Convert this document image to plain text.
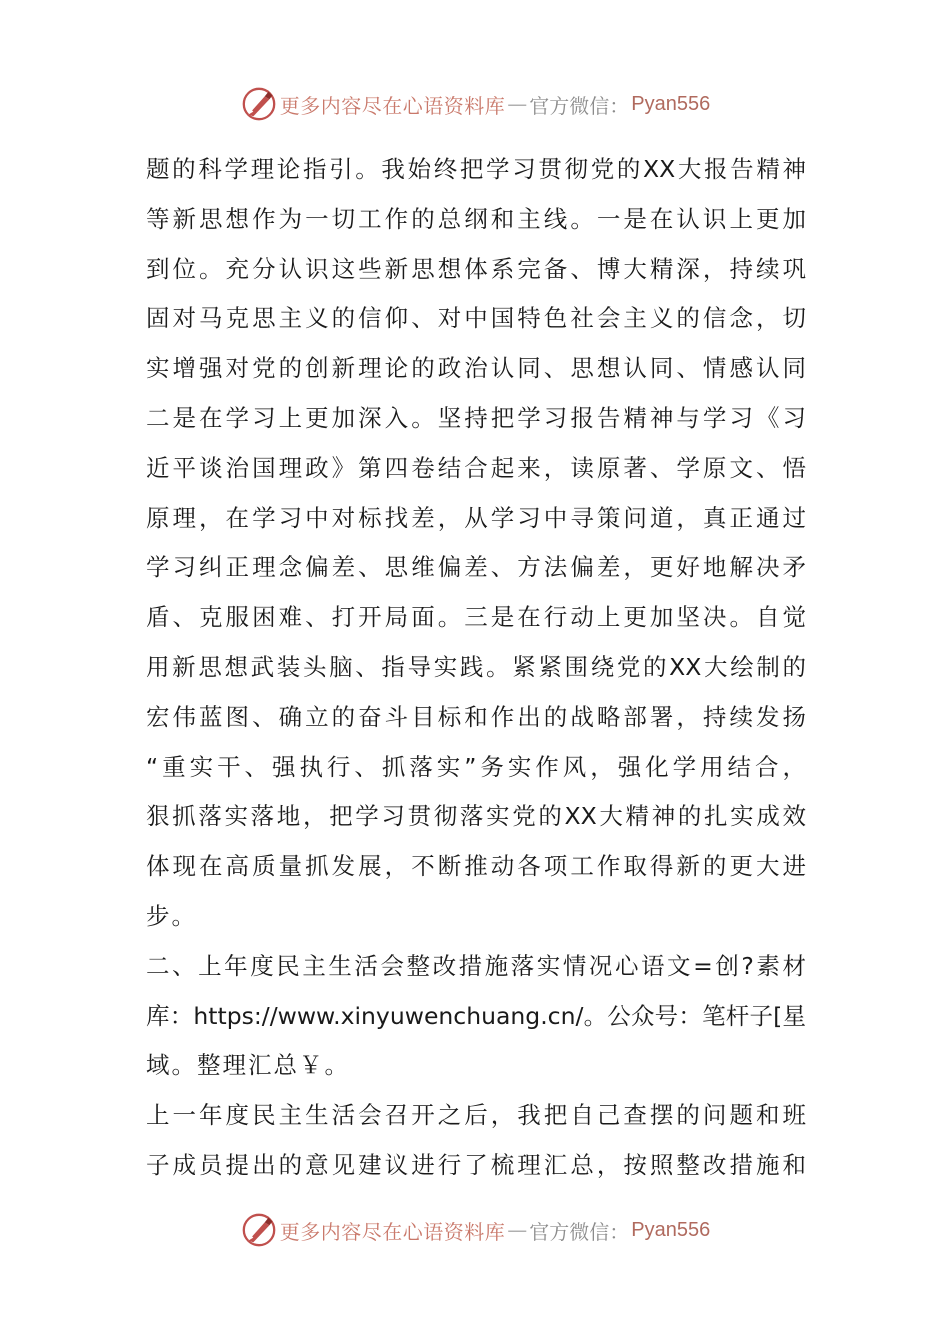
更多内容尽在心语资料库 — 官方微信： Pyan556
题的科学理论指引。我始终把学习贯彻党的XX大报告精神
等新思想作为一切工作的总纲和主线。一是在认识上更加
到位。充分认识这些新思想体系完备、博大精深，持续巩
固对马克思主义的信仰、对中国特色社会主义的信念，切
实增强对党的创新理论的政治认同、思想认同、情感认同
二是在学习上更加深入。坚持把学习报告精神与学习《习
近平谈治国理政》第四卷结合起来，读原著、学原文、悟
原理，在学习中对标找差，从学习中寻策问道，真正通过
学习纠正理念偏差、思维偏差、方法偏差，更好地解决矛
盾、克服困难、打开局面。三是在行动上更加坚决。自觉
用新思想武装头脑、指导实践。紧紧围绕党的XX大绘制的
宏伟蓝图、确立的奋斗目标和作出的战略部署，持续发扬
“重实干、强执行、抓落实”务实作风，强化学用结合，
狠抓落实落地，把学习贯彻落实党的XX大精神的扎实成效
体现在高质量抓发展，不断推动各项工作取得新的更大进
步。
二、上年度民主生活会整改措施落实情况心语文=创?素材
库：https://www.xinyuwenchuang.cn/。公众号：笔杆子[星
域。整理汇总￥。
上一年度民主生活会召开之后，我把自己查摆的问题和班
子成员提出的意见建议进行了梳理汇总，按照整改措施和
更多内容尽在心语资料库 — 官方微信： Pyan556
